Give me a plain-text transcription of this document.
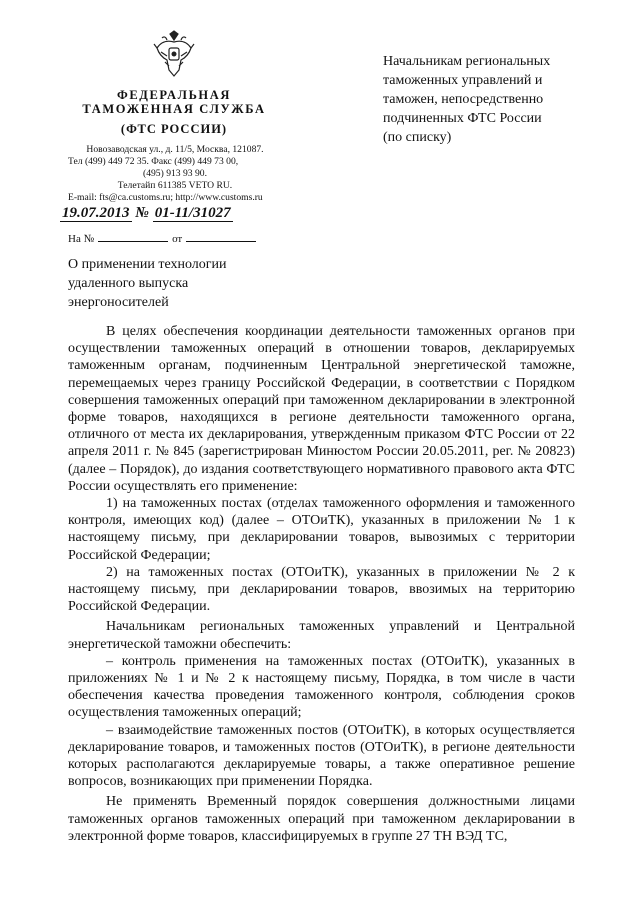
ФЕДЕРАЛЬНАЯ
ТАМОЖЕННАЯ СЛУЖБА
(ФТС РОССИИ)
Новозаводская ул., д. 11/5, Москва, 121087.
Тел (499) 449 72 35. Факс (499) 449 73 00,
(495) 913 93 90.
Телетайп 611385 VETO RU.
E-mail: fts@ca.customs.ru; http://www.customs.ru
19.07.2013 № 01-11/31027
На №	от
О применении технологии
удаленного выпуска
энергоносителей
Начальникам региональных
таможенных управлений и
таможен, непосредственно
подчиненных ФТС России
(по списку)

В целях обеспечения координации деятельности таможенных органов при осуществлении таможенных операций в отношении товаров, декларируемых таможенным органам, подчиненным Центральной энергетической таможне, перемещаемых через границу Российской Федерации, в соответствии с Порядком совершения таможенных операций при таможенном декларировании в электронной форме товаров, находящихся в регионе деятельности таможенного органа, отличного от места их декларирования, утвержденным приказом ФТС России от 22 апреля 2011 г. № 845 (зарегистрирован Минюстом России 20.05.2011, рег. № 20823) (далее – Порядок), до издания соответствующего нормативного правового акта ФТС России осуществлять его применение:

1) на таможенных постах (отделах таможенного оформления и таможенного контроля, имеющих код) (далее – ОТОиТК), указанных в приложении № 1 к настоящему письму, при декларировании товаров, вывозимых с территории Российской Федерации;

2) на таможенных постах (ОТОиТК), указанных в приложении № 2 к настоящему письму, при декларировании товаров, ввозимых на территорию Российской Федерации.

Начальникам региональных таможенных управлений и Центральной энергетической таможни обеспечить:

– контроль применения на таможенных постах (ОТОиТК), указанных в приложениях № 1 и № 2 к настоящему письму, Порядка, в том числе в части обеспечения качества проведения таможенного контроля, соблюдения сроков осуществления таможенных операций;

– взаимодействие таможенных постов (ОТОиТК), в которых осуществляется декларирование товаров, и таможенных постов (ОТОиТК), в регионе деятельности которых располагаются декларируемые товары, а также оперативное решение вопросов, возникающих при применении Порядка.

Не применять Временный порядок совершения должностными лицами таможенных органов таможенных операций при таможенном декларировании в электронной форме товаров, классифицируемых в группе 27 ТН ВЭД ТС,
